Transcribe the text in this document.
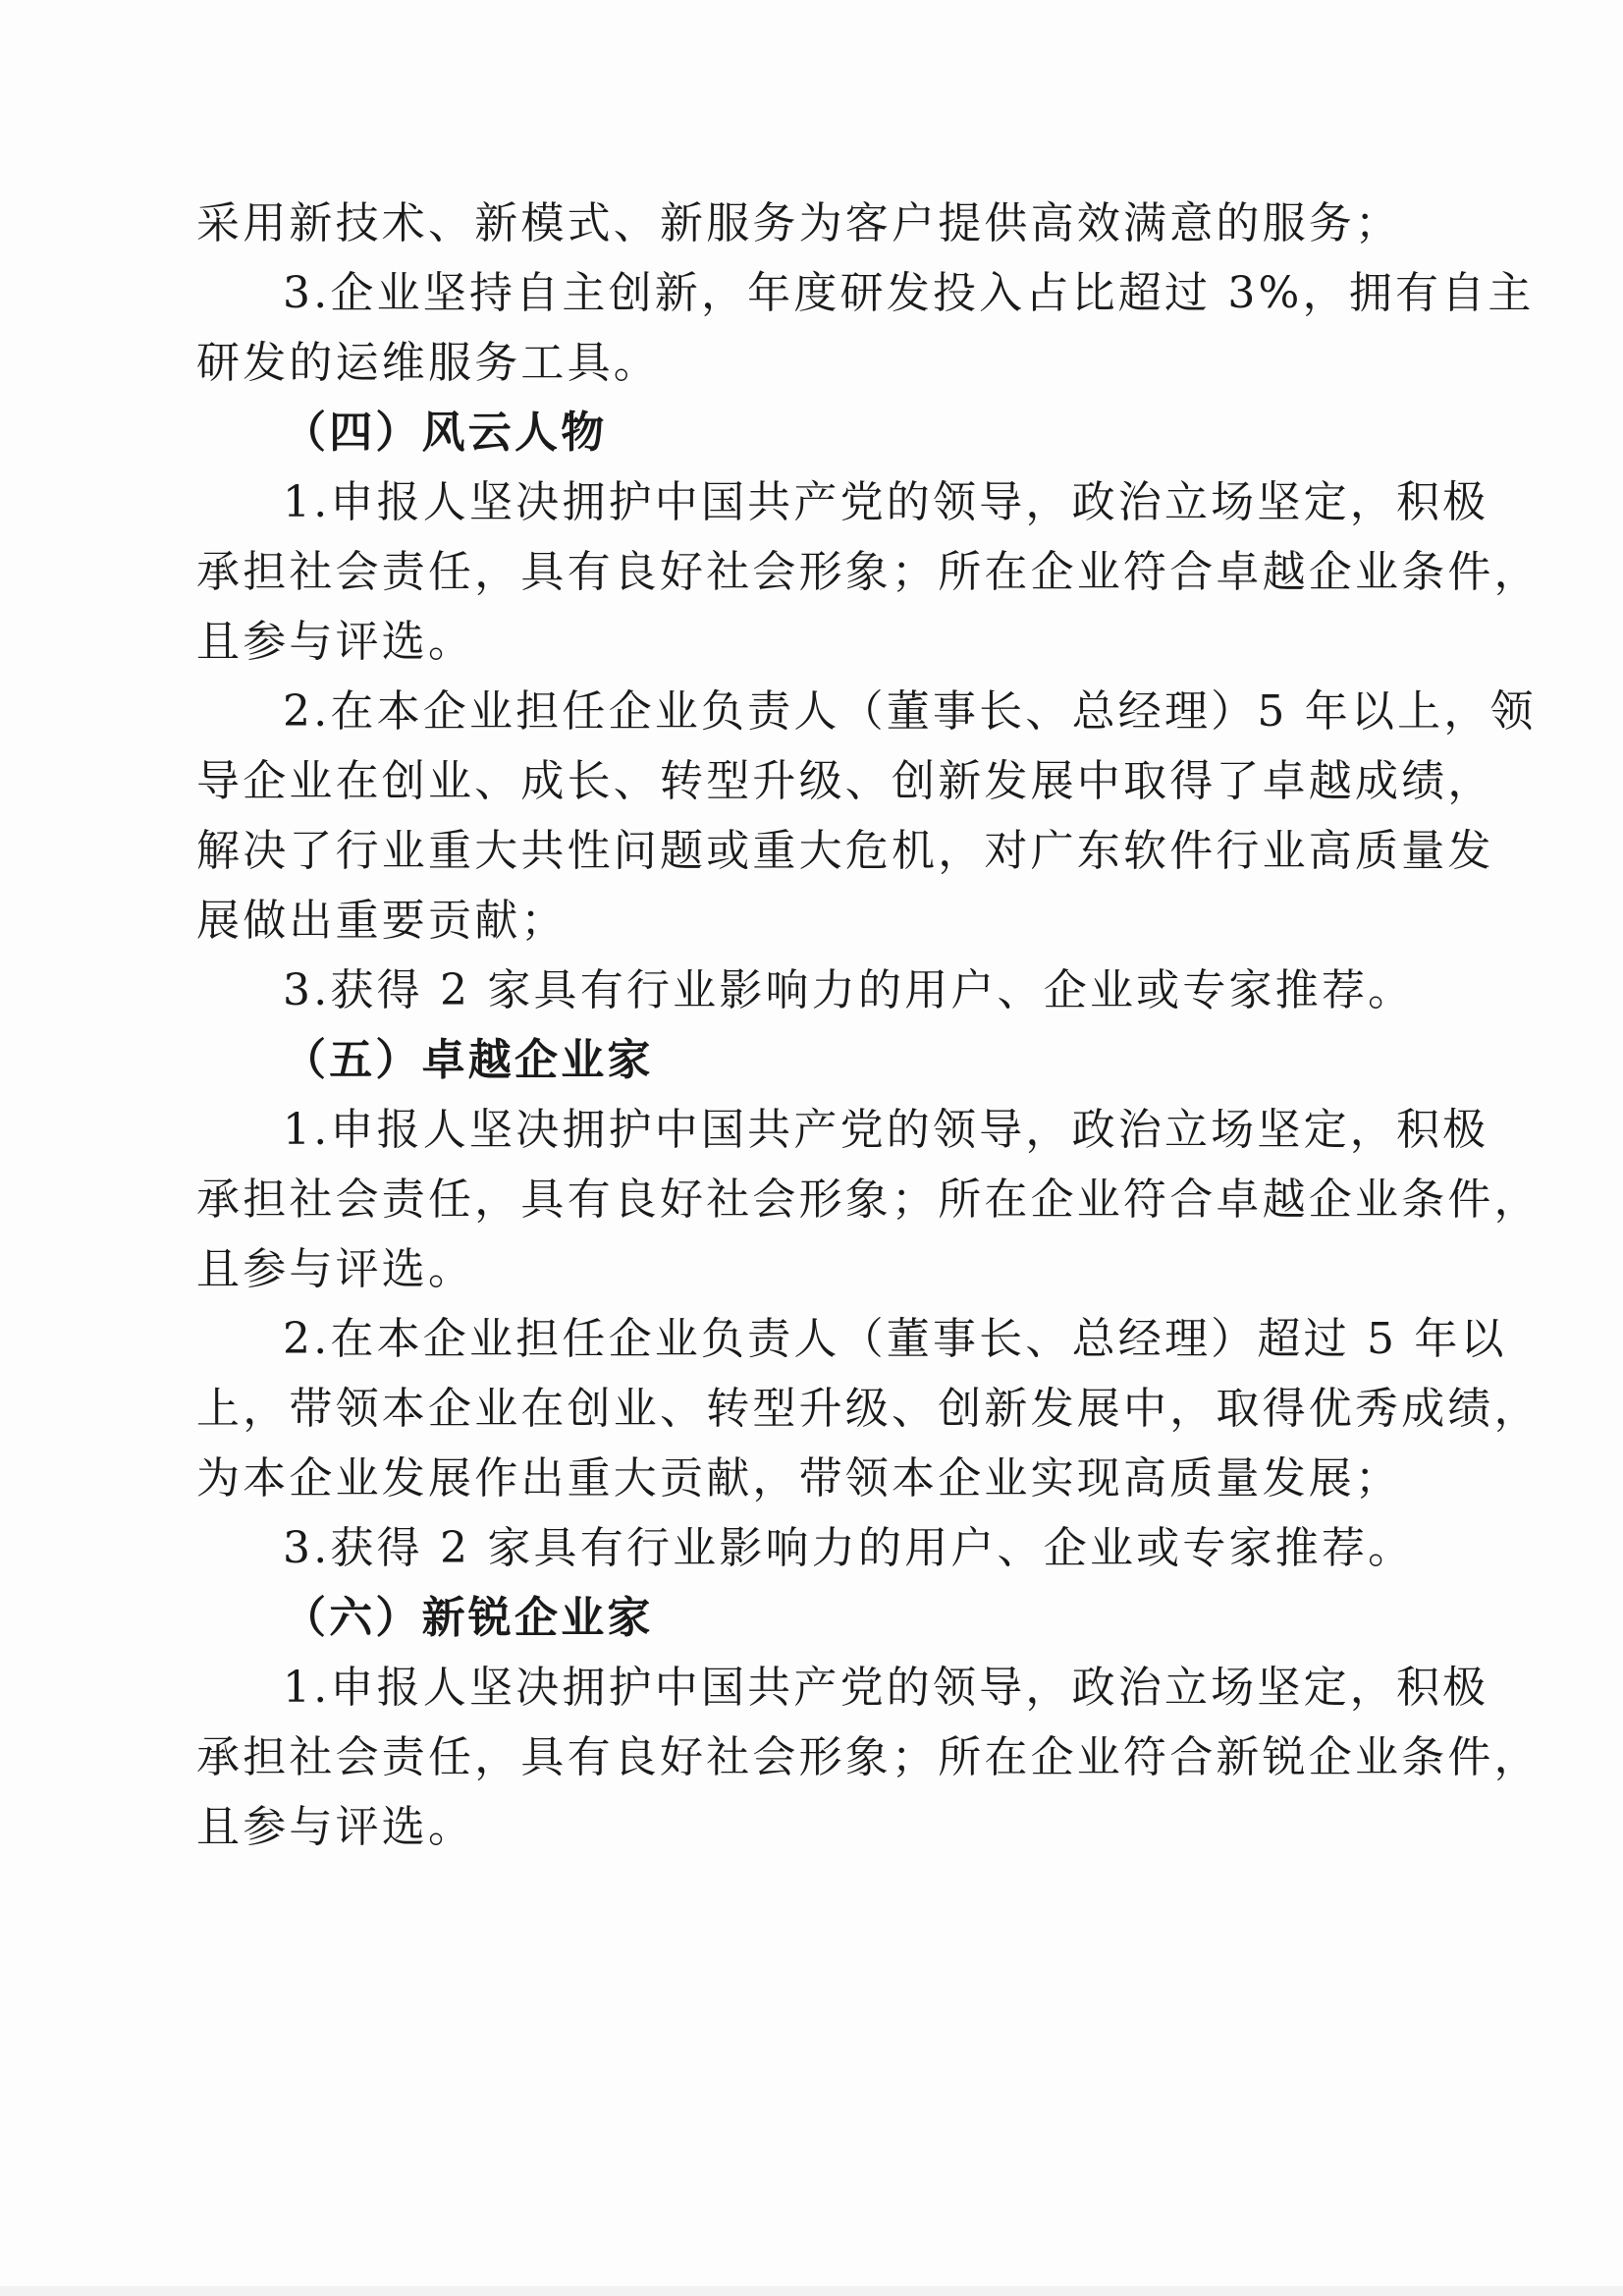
采用新技术、新模式、新服务为客户提供高效满意的服务；
3.企业坚持自主创新，年度研发投入占比超过 3%，拥有自主
研发的运维服务工具。
（四）风云人物
1.申报人坚决拥护中国共产党的领导，政治立场坚定，积极
承担社会责任，具有良好社会形象；所在企业符合卓越企业条件，
且参与评选。
2.在本企业担任企业负责人（董事长、总经理）5 年以上，领
导企业在创业、成长、转型升级、创新发展中取得了卓越成绩，
解决了行业重大共性问题或重大危机，对广东软件行业高质量发
展做出重要贡献；
3.获得 2 家具有行业影响力的用户、企业或专家推荐。
（五）卓越企业家
1.申报人坚决拥护中国共产党的领导，政治立场坚定，积极
承担社会责任，具有良好社会形象；所在企业符合卓越企业条件，
且参与评选。
2.在本企业担任企业负责人（董事长、总经理）超过 5 年以
上，带领本企业在创业、转型升级、创新发展中，取得优秀成绩，
为本企业发展作出重大贡献，带领本企业实现高质量发展；
3.获得 2 家具有行业影响力的用户、企业或专家推荐。
（六）新锐企业家
1.申报人坚决拥护中国共产党的领导，政治立场坚定，积极
承担社会责任，具有良好社会形象；所在企业符合新锐企业条件，
且参与评选。
